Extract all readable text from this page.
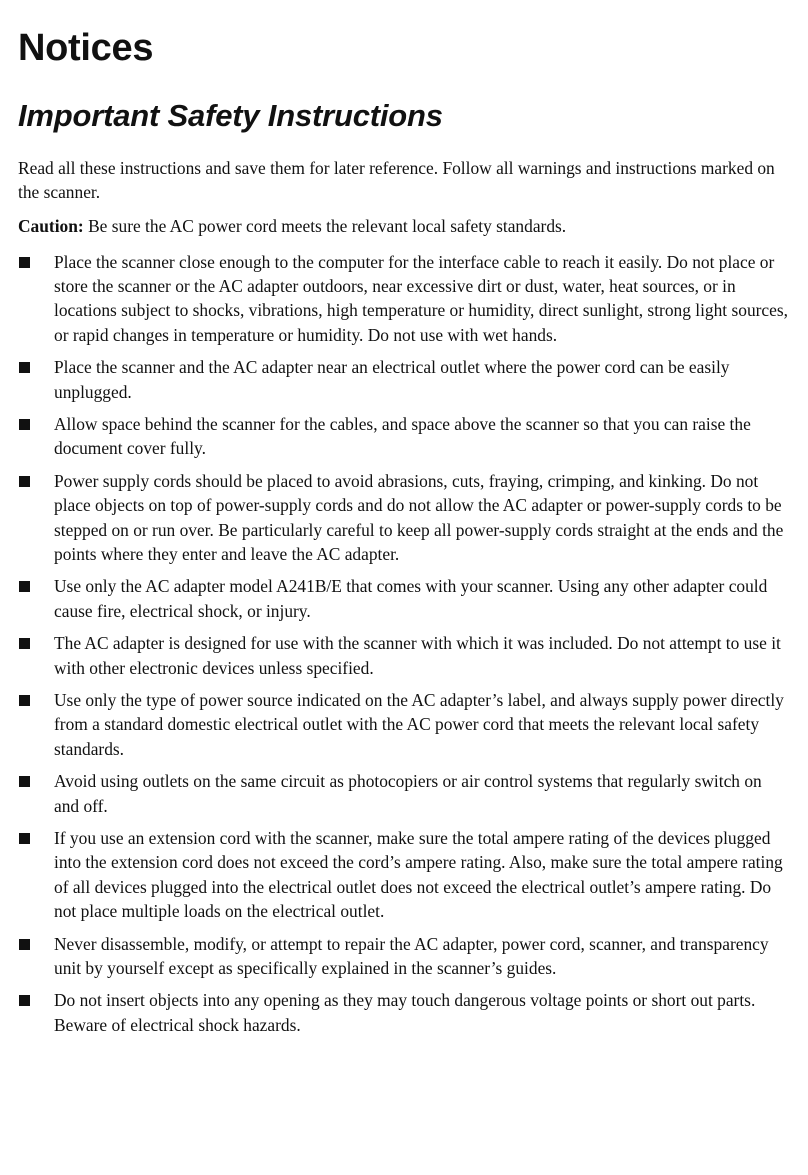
Notices
Important Safety Instructions

Read all these instructions and save them for later reference. Follow all warnings and instructions marked on the scanner.

Caution: Be sure the AC power cord meets the relevant local safety standards.

Place the scanner close enough to the computer for the interface cable to reach it easily. Do not place or store the scanner or the AC adapter outdoors, near excessive dirt or dust, water, heat sources, or in locations subject to shocks, vibrations, high temperature or humidity, direct sunlight, strong light sources, or rapid changes in temperature or humidity. Do not use with wet hands.
Place the scanner and the AC adapter near an electrical outlet where the power cord can be easily unplugged.
Allow space behind the scanner for the cables, and space above the scanner so that you can raise the document cover fully.
Power supply cords should be placed to avoid abrasions, cuts, fraying, crimping, and kinking. Do not place objects on top of power-supply cords and do not allow the AC adapter or power-supply cords to be stepped on or run over. Be particularly careful to keep all power-supply cords straight at the ends and the points where they enter and leave the AC adapter.
Use only the AC adapter model A241B/E that comes with your scanner. Using any other adapter could cause fire, electrical shock, or injury.
The AC adapter is designed for use with the scanner with which it was included. Do not attempt to use it with other electronic devices unless specified.
Use only the type of power source indicated on the AC adapter’s label, and always supply power directly from a standard domestic electrical outlet with the AC power cord that meets the relevant local safety standards.
Avoid using outlets on the same circuit as photocopiers or air control systems that regularly switch on and off.
If you use an extension cord with the scanner, make sure the total ampere rating of the devices plugged into the extension cord does not exceed the cord’s ampere rating. Also, make sure the total ampere rating of all devices plugged into the electrical outlet does not exceed the electrical outlet’s ampere rating. Do not place multiple loads on the electrical outlet.
Never disassemble, modify, or attempt to repair the AC adapter, power cord, scanner, and transparency unit by yourself except as specifically explained in the scanner’s guides.
Do not insert objects into any opening as they may touch dangerous voltage points or short out parts. Beware of electrical shock hazards.
